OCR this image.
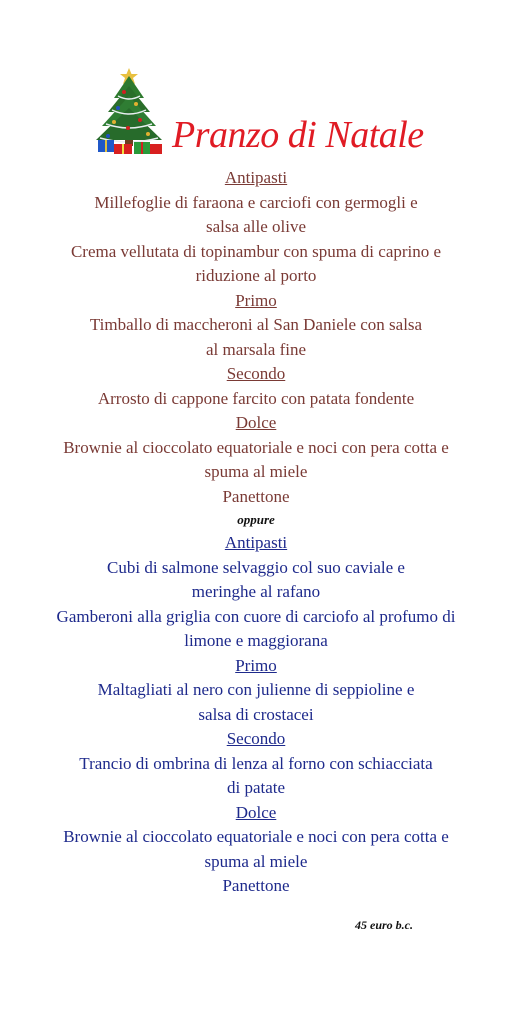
Pranzo di Natale
Antipasti
Millefoglie di faraona e carciofi con germogli e
salsa alle olive
Crema vellutata di topinambur con spuma di caprino e
riduzione al porto
Primo
Timballo di maccheroni al San Daniele con salsa
al marsala fine
Secondo
Arrosto di cappone farcito con patata fondente
Dolce
Brownie al cioccolato equatoriale e noci con pera cotta e
spuma al miele
Panettone
oppure
Antipasti
Cubi di salmone selvaggio col suo caviale e
meringhe al rafano
Gamberoni alla griglia con cuore di carciofo al profumo di
limone e maggiorana
Primo
Maltagliati al nero con julienne di seppioline e
salsa di crostacei
Secondo
Trancio di ombrina di lenza al forno con schiacciata
di patate
Dolce
Brownie al cioccolato equatoriale e noci con pera cotta e
spuma al miele
Panettone
45 euro b.c.
